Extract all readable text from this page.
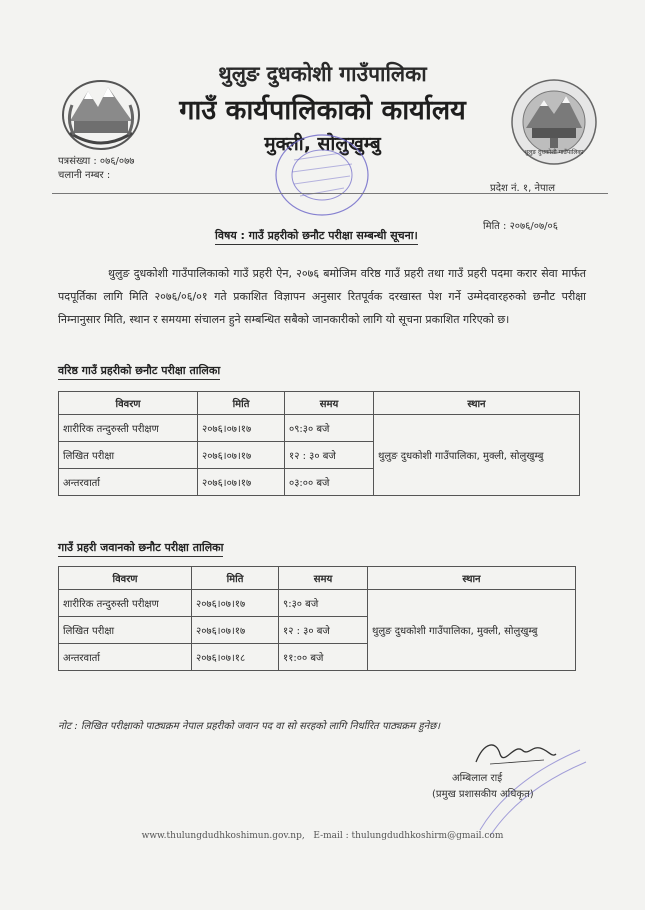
थुलुङ दुधकोशी गाउँपालिका
थुलुङ दुधकोशी गाउँपालिका
गाउँ कार्यपालिकाको कार्यालय
मुक्ली, सोलुखुम्बु
पत्रसंख्या : ०७६/०७७
चलानी नम्बर :
प्रदेश नं. १, नेपाल
मिति : २०७६/०७/०६
विषय : गाउँ प्रहरीको छनौट परीक्षा सम्बन्धी सूचना।
थुलुङ दुधकोशी गाउँपालिकाको गाउँ प्रहरी ऐन, २०७६ बमोजिम वरिष्ठ गाउँ प्रहरी तथा गाउँ प्रहरी पदमा करार सेवा मार्फत पदपूर्तिका लागि मिति २०७६/०६/०१ गते प्रकाशित विज्ञापन अनुसार रितपूर्वक दरखास्त पेश गर्ने उम्मेदवारहरुको छनौट परीक्षा निम्नानुसार मिति, स्थान र समयमा संचालन हुने सम्बन्धित सबैको जानकारीको लागि यो सूचना प्रकाशित गरिएको छ।
वरिष्ठ गाउँ प्रहरीको छनौट परीक्षा तालिका
विवरण	मिति	समय	स्थान
शारीरिक तन्दुरुस्ती परीक्षण	२०७६।०७।१७	०९:३० बजे	थुलुङ दुधकोशी गाउँपालिका, मुक्ली, सोलुखुम्बु
लिखित परीक्षा	२०७६।०७।१७	१२ : ३० बजे	
अन्तरवार्ता	२०७६।०७।१७	०३:०० बजे	
गाउँ प्रहरी जवानको छनौट परीक्षा तालिका
विवरण	मिति	समय	स्थान
शारीरिक तन्दुरुस्ती परीक्षण	२०७६।०७।१७	९:३० बजे	थुलुङ दुधकोशी गाउँपालिका, मुक्ली, सोलुखुम्बु
लिखित परीक्षा	२०७६।०७।१७	१२ : ३० बजे	
अन्तरवार्ता	२०७६।०७।१८	११:०० बजे	
नोट : लिखित परीक्षाको पाठ्यक्रम नेपाल प्रहरीको जवान पद वा सो सरहको लागि निर्धारित पाठ्यक्रम हुनेछ।
अम्बिलाल राई
(प्रमुख प्रशासकीय अधिकृत)
www.thulungdudhkoshimun.gov.np, E-mail : thulungdudhkoshirm@gmail.com
